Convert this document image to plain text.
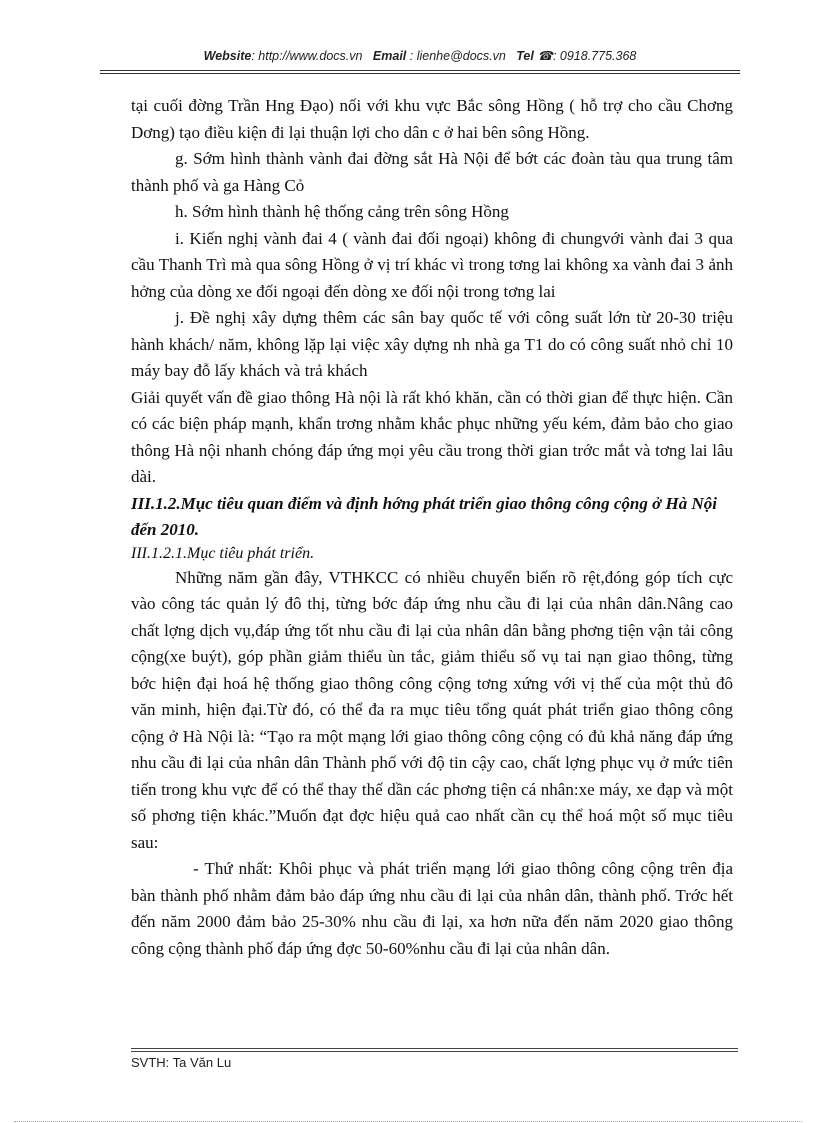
Website: http://www.docs.vn Email : lienhe@docs.vn Tel ☎: 0918.775.368

tại cuối đờng Trần Hng Đạo) nối với khu vực Bắc sông Hồng ( hỗ trợ cho cầu Chơng Dơng) tạo điều kiện đi lại thuận lợi cho dân c ở hai bên sông Hồng.

g. Sớm hình thành vành đai đờng sắt Hà Nội để bớt các đoàn tàu qua trung tâm thành phố và ga Hàng Cỏ

h. Sớm hình thành hệ thống cảng trên sông Hồng

i. Kiến nghị vành đai 4 ( vành đai đối ngoại) không đi chungvới vành đai 3 qua cầu Thanh Trì mà qua sông Hồng ở vị trí khác vì trong tơng lai không xa vành đai 3 ảnh hởng của dòng xe đối ngoại đến dòng xe đối nội trong tơng lai

j. Đề nghị xây dựng thêm các sân bay quốc tế với công suất lớn từ 20-30 triệu hành khách/ năm, không lặp lại việc xây dựng nh nhà ga T1 do có công suất nhỏ chỉ 10 máy bay đỗ lấy khách và trả khách

Giải quyết vấn đề giao thông Hà nội là rất khó khăn, cần có thời gian để thực hiện. Cần có các biện pháp mạnh, khẩn trơng nhằm khắc phục những yếu kém, đảm bảo cho giao thông Hà nội nhanh chóng đáp ứng mọi yêu cầu trong thời gian trớc mắt và tơng lai lâu dài.

III.1.2.Mục tiêu quan điểm và định hớng phát triển giao thông công cộng ở Hà Nội đến 2010.

III.1.2.1.Mục tiêu phát triển.

Những năm gần đây, VTHKCC có nhiều chuyển biến rõ rệt,đóng góp tích cực vào công tác quản lý đô thị, từng bớc đáp ứng nhu cầu đi lại của nhân dân.Nâng cao chất lợng dịch vụ,đáp ứng tốt nhu cầu đi lại của nhân dân bằng phơng tiện vận tải công cộng(xe buýt), góp phần giảm thiểu ùn tắc, giảm thiểu số vụ tai nạn giao thông, từng bớc hiện đại hoá hệ thống giao thông công cộng tơng xứng với vị thế của một thủ đô văn minh, hiện đại.Từ đó, có thể đa ra mục tiêu tổng quát phát triển giao thông công cộng ở Hà Nội là: “Tạo ra một mạng lới giao thông công cộng có đủ khả năng đáp ứng nhu cầu đi lại của nhân dân Thành phố với độ tin cậy cao, chất lợng phục vụ ở mức tiên tiến trong khu vực để có thể thay thế dần các phơng tiện cá nhân:xe máy, xe đạp và một số phơng tiện khác.”Muốn đạt đợc hiệu quả cao nhất cần cụ thể hoá một số mục tiêu sau:

- Thứ nhất: Khôi phục và phát triển mạng lới giao thông công cộng trên địa bàn thành phố nhằm đảm bảo đáp ứng nhu cầu đi lại của nhân dân, thành phố. Trớc hết đến năm 2000 đảm bảo 25-30% nhu cầu đi lại, xa hơn nữa đến năm 2020 giao thông công cộng thành phố đáp ứng đợc 50-60%nhu cầu đi lại của nhân dân.

SVTH: Ta Văn Lu
